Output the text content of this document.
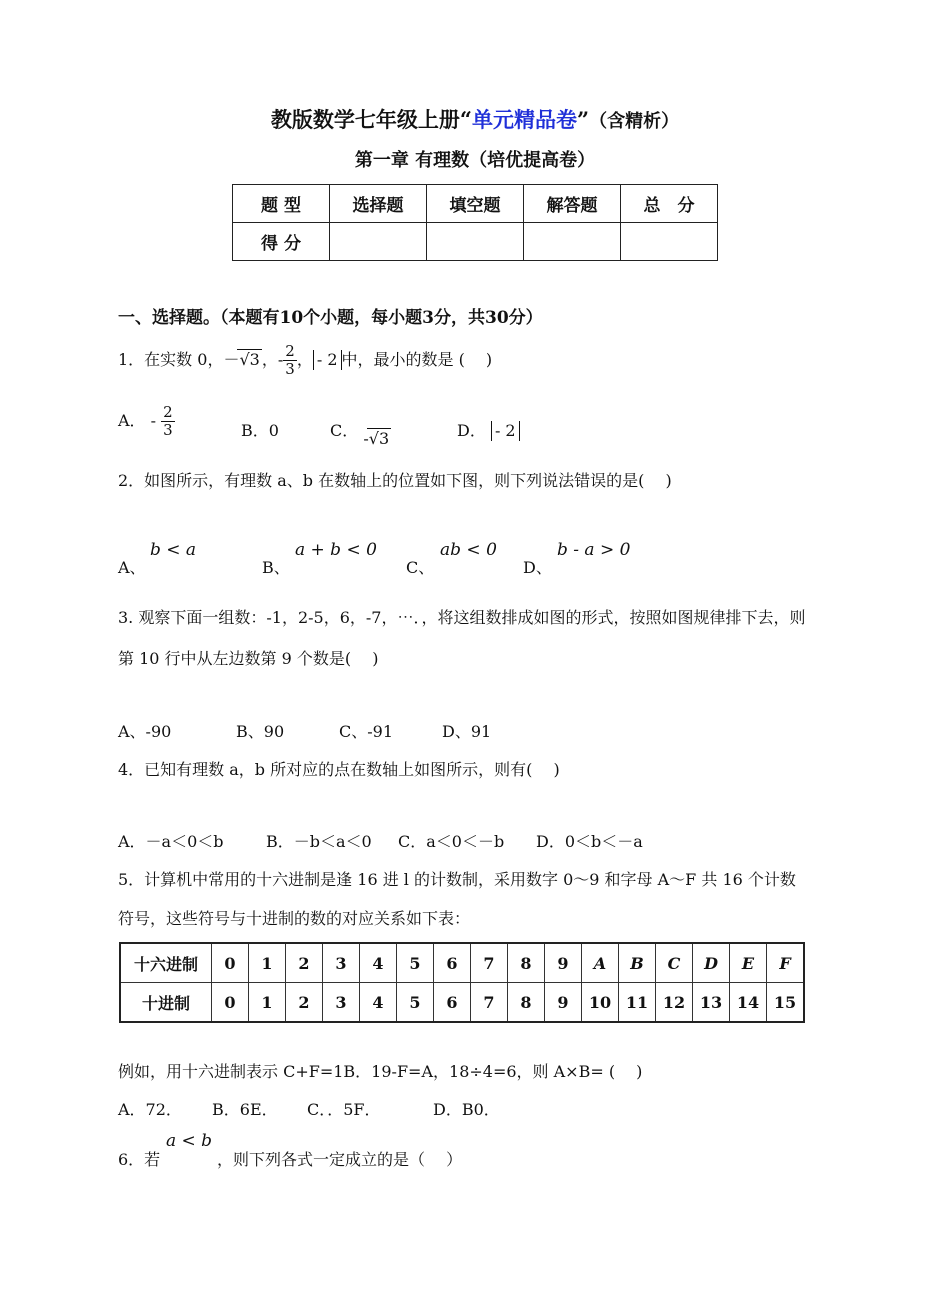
教版数学七年级上册“单元精品卷”（含精析）
第一章 有理数（培优提高卷）
题 型	选择题	填空题	解答题	总　分
得 分				
一、选择题。（本题有10个小题，每小题3分，共30分）
1．在实数 0，－√3 ，- $\frac{2}{3}$ ， - 2 中，最小的数是 (　 )
A． - $\frac{2}{3}$	B．0	C． -√3	D． - 2
2．如图所示，有理数 a、b 在数轴上的位置如下图，则下列说法错误的是(　 )
A、
b < a
B、
a + b < 0
C、
ab < 0
D、
b - a > 0
3. 观察下面一组数：-1，2-5，6，-7，⋯．，将这组数排成如图的形式，按照如图规律排下去，则
第 10 行中从左边数第 9 个数是(　 )
A、-90	B、90	C、-91	D、91
4．已知有理数 a，b 所对应的点在数轴上如图所示，则有(　 )
A．－a＜0＜b	B．－b＜a＜0 C．a＜0＜－b D．0＜b＜－a
5．计算机中常用的十六进制是逢 16 进 l 的计数制，采用数字 0～9 和字母 A～F 共 16 个计数
符号，这些符号与十进制的数的对应关系如下表：
十六进制	0	1	2	3	4	5	6	7	8	9	A	B	C	D	E	F
十进制	0	1	2	3	4	5	6	7	8	9	10	11	12	13	14	15
例如，用十六进制表示 C+F=1B．19-F=A，18÷4=6，则 A×B= (　 )
A．72． B．6E． C．．5F．	D．B0．
6．若
a < b
，则下列各式一定成立的是（　 ）
